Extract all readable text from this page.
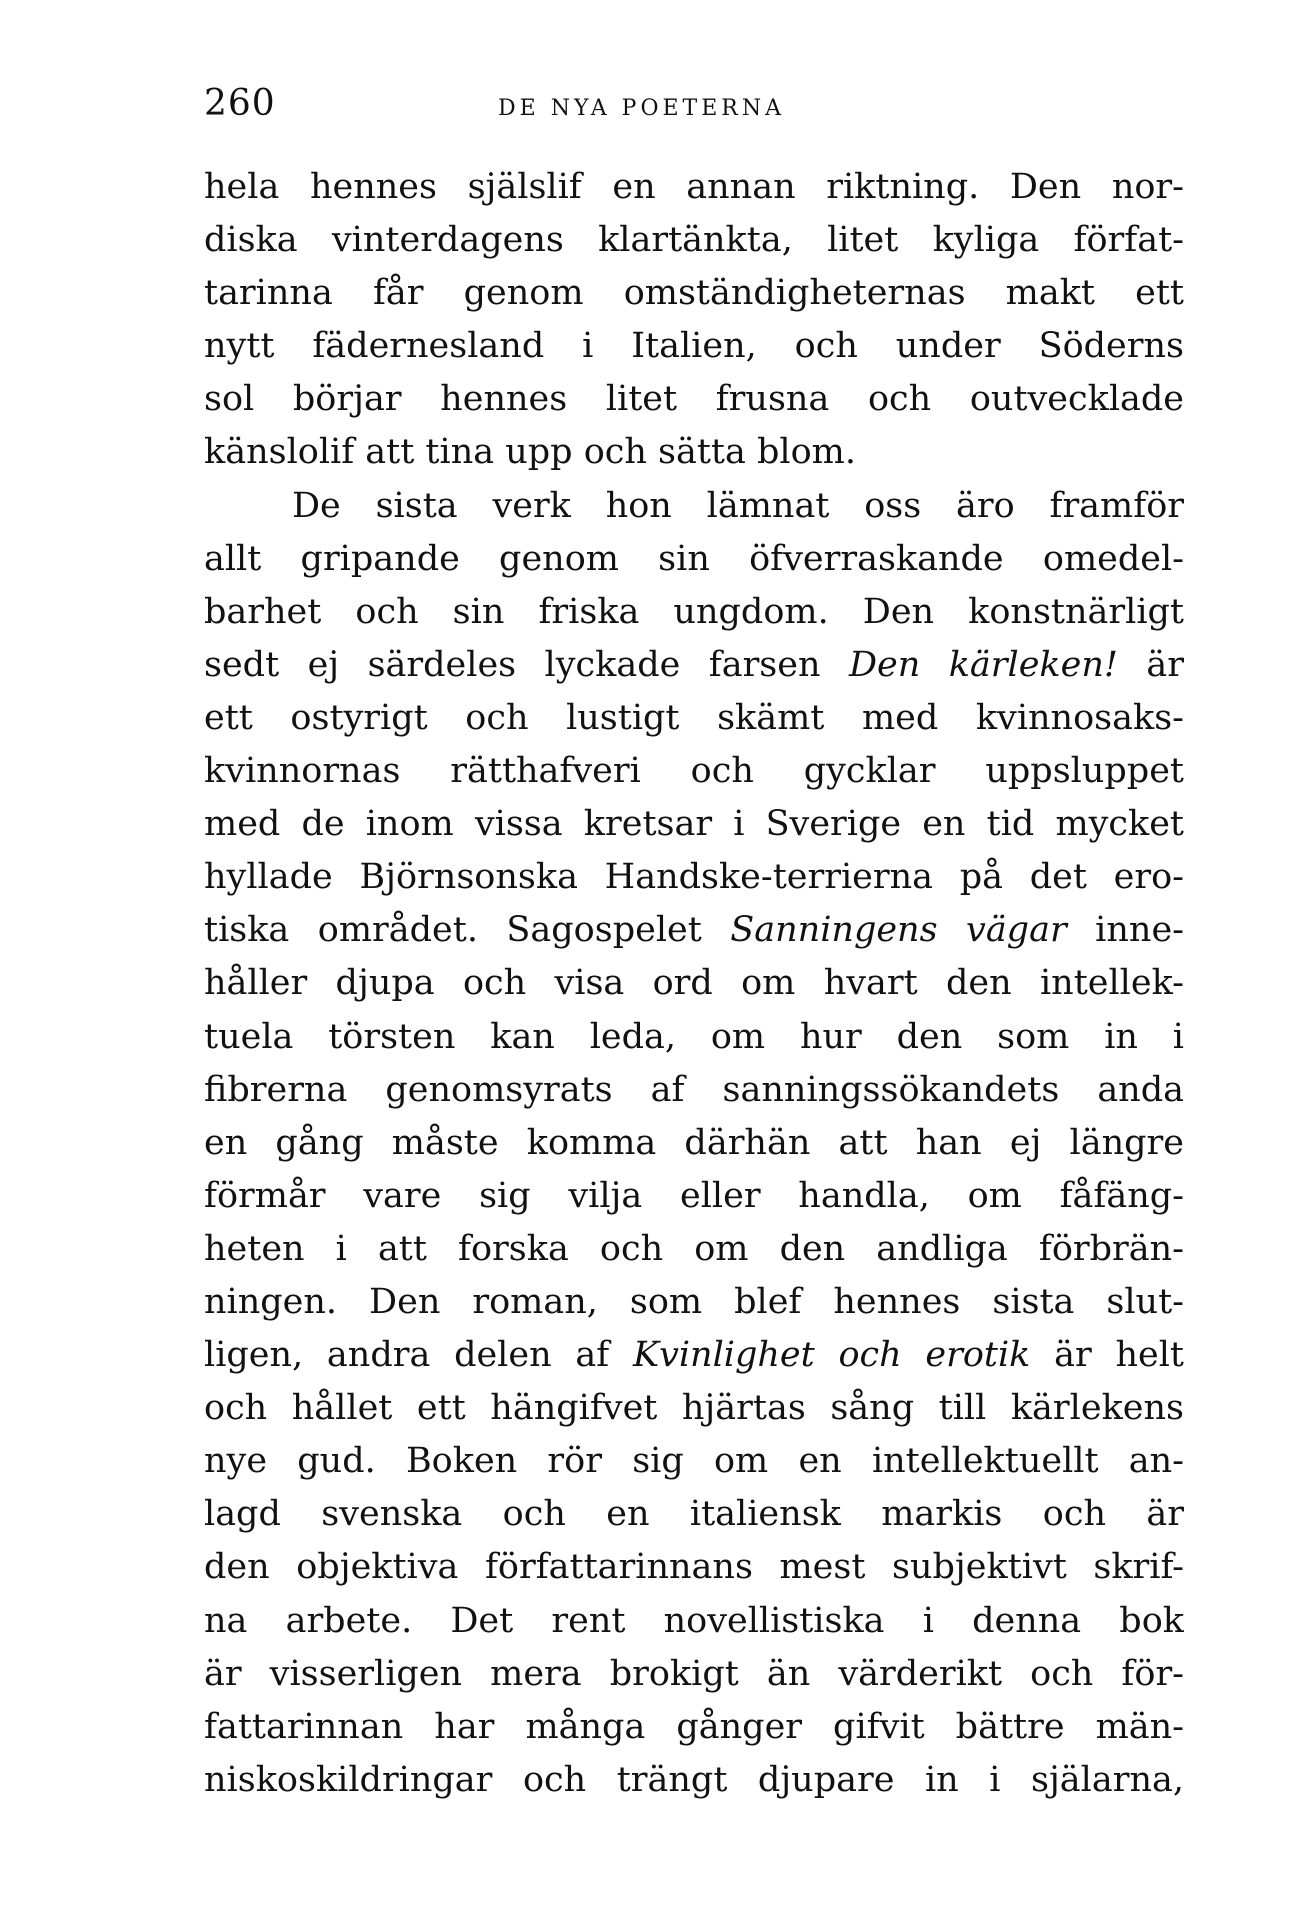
260	DE NYA POETERNA
hela hennes själslif en annan riktning. Den nor-
diska vinterdagens klartänkta, litet kyliga förfat-
tarinna får genom omständigheternas makt ett
nytt fädernesland i Italien, och under Söderns
sol börjar hennes litet frusna och outvecklade
känslolif att tina upp och sätta blom.
De sista verk hon lämnat oss äro framför
allt gripande genom sin öfverraskande omedel-
barhet och sin friska ungdom. Den konstnärligt
sedt ej särdeles lyckade farsen Den kärleken! är
ett ostyrigt och lustigt skämt med kvinnosaks-
kvinnornas rätthafveri och gycklar uppsluppet
med de inom vissa kretsar i Sverige en tid mycket
hyllade Björnsonska Handske-terrierna på det ero-
tiska området. Sagospelet Sanningens vägar inne-
håller djupa och visa ord om hvart den intellek-
tuela törsten kan leda, om hur den som in i
fibrerna genomsyrats af sanningssökandets anda
en gång måste komma därhän att han ej längre
förmår vare sig vilja eller handla, om fåfäng-
heten i att forska och om den andliga förbrän-
ningen. Den roman, som blef hennes sista slut-
ligen, andra delen af Kvinlighet och erotik är helt
och hållet ett hängifvet hjärtas sång till kärlekens
nye gud. Boken rör sig om en intellektuellt an-
lagd svenska och en italiensk markis och är
den objektiva författarinnans mest subjektivt skrif-
na arbete. Det rent novellistiska i denna bok
är visserligen mera brokigt än värderikt och för-
fattarinnan har många gånger gifvit bättre män-
niskoskildringar och trängt djupare in i själarna,
